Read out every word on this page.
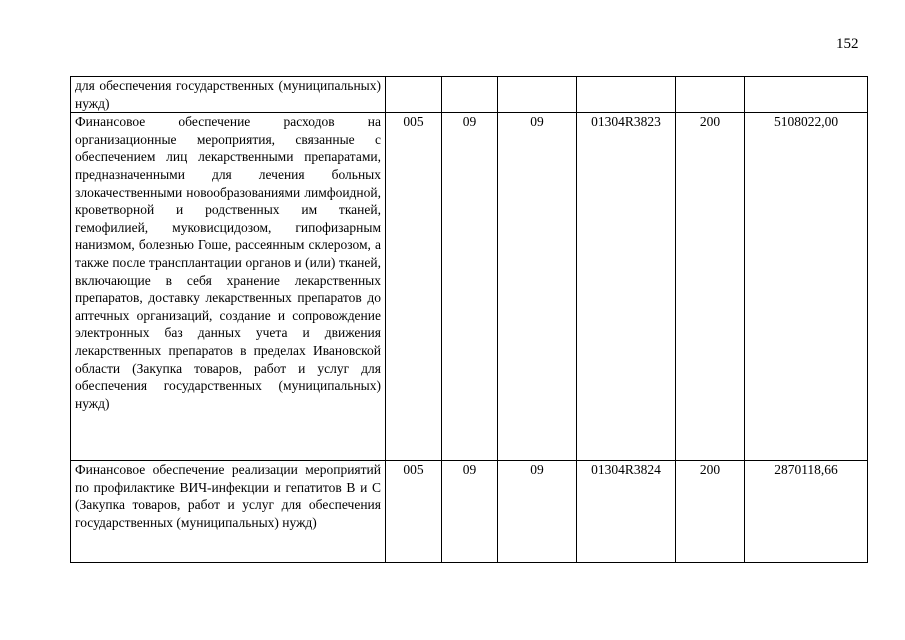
152
для обеспечения государственных (муниципальных) нужд)						

Финансовое обеспечение расходов на организационные мероприятия, связанные с обеспечением лиц лекарственными препаратами, предназначенными для лечения больных злокачественными новообразованиями лимфоидной, кроветворной и родственных им тканей, гемофилией, муковисцидозом, гипофизарным нанизмом, болезнью Гоше, рассеянным склерозом, а также после трансплантации органов и (или) тканей, включающие в себя хранение лекарственных препаратов, доставку лекарственных препаратов до аптечных организаций, создание и сопровождение электронных баз данных учета и движения лекарственных препаратов в пределах Ивановской области (Закупка товаров, работ и услуг для обеспечения государственных (муниципальных) нужд)	005	09	09	01304R3823	200	5108022,00

Финансовое обеспечение реализации мероприятий по профилактике ВИЧ-инфекции и гепатитов В и С (Закупка товаров, работ и услуг для обеспечения государственных (муниципальных) нужд)	005	09	09	01304R3824	200	2870118,66
